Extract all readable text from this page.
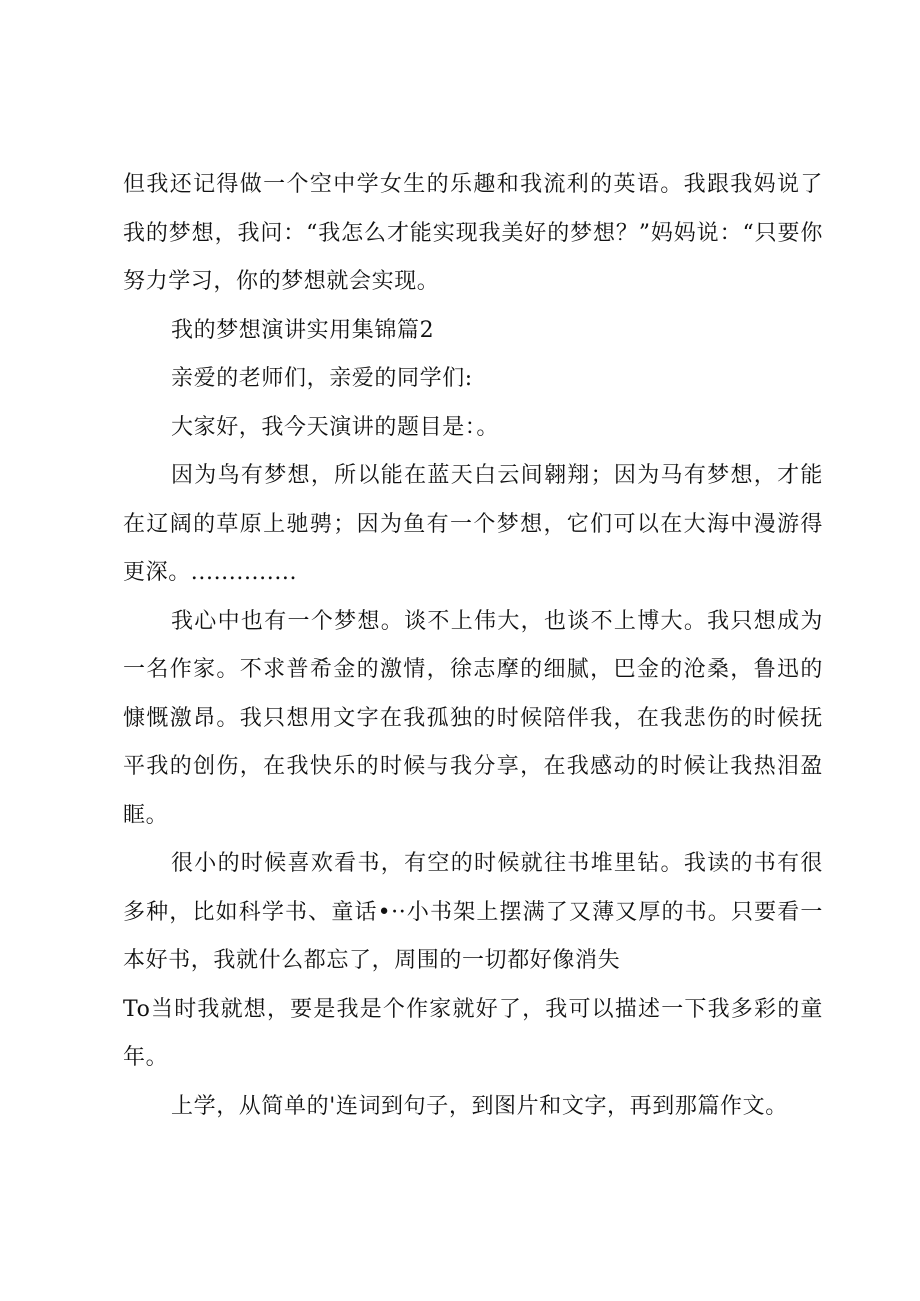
但我还记得做一个空中学女生的乐趣和我流利的英语。我跟我妈说了我的梦想，我问：“我怎么才能实现我美好的梦想？”妈妈说：“只要你努力学习，你的梦想就会实现。

我的梦想演讲实用集锦篇2

亲爱的老师们，亲爱的同学们:

大家好，我今天演讲的题目是：。

因为鸟有梦想，所以能在蓝天白云间翱翔；因为马有梦想，才能在辽阔的草原上驰骋；因为鱼有一个梦想，它们可以在大海中漫游得更深。..............

我心中也有一个梦想。谈不上伟大，也谈不上博大。我只想成为一名作家。不求普希金的激情，徐志摩的细腻，巴金的沧桑，鲁迅的慷慨激昂。我只想用文字在我孤独的时候陪伴我，在我悲伤的时候抚平我的创伤，在我快乐的时候与我分享，在我感动的时候让我热泪盈眶。

很小的时候喜欢看书，有空的时候就往书堆里钻。我读的书有很多种，比如科学书、童话•··小书架上摆满了又薄又厚的书。只要看一本好书，我就什么都忘了，周围的一切都好像消失

To当时我就想，要是我是个作家就好了，我可以描述一下我多彩的童年。

上学，从简单的'连词到句子，到图片和文字，再到那篇作文。
